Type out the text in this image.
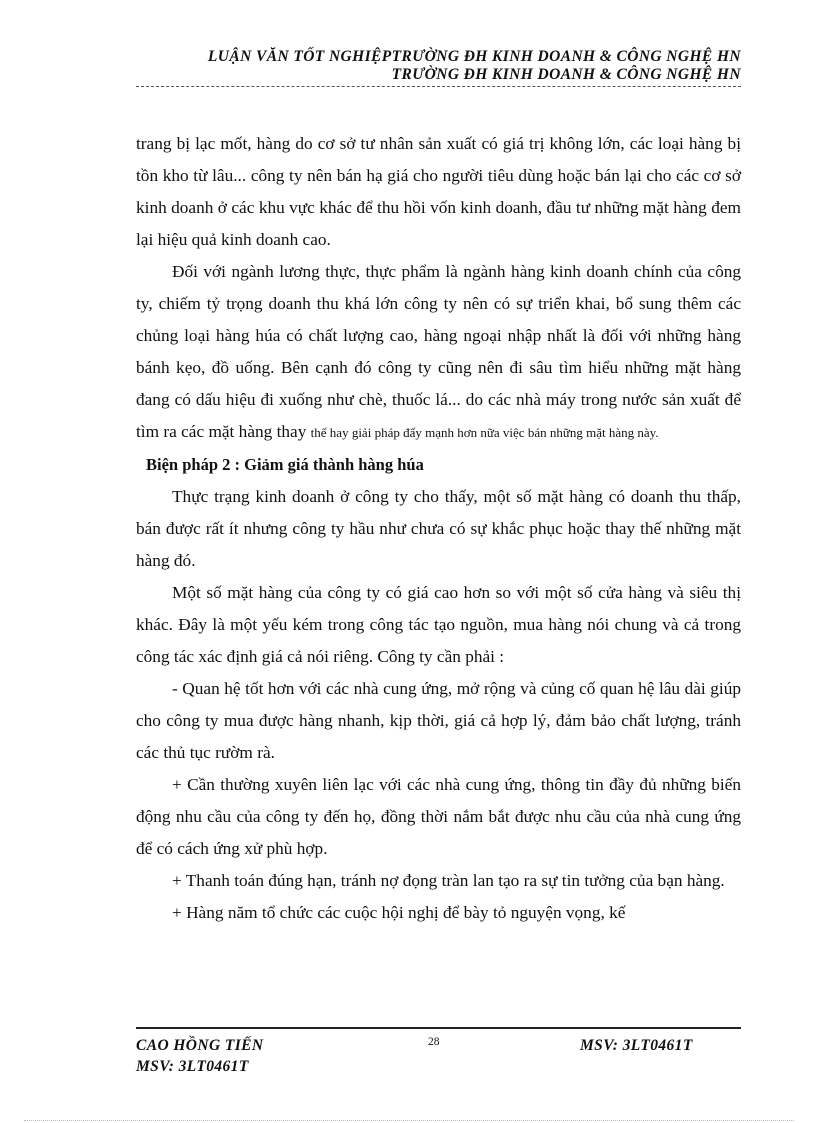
LUẬN VĂN TỐT NGHIỆPTRƯỜNG ĐH KINH DOANH & CÔNG NGHỆ HN
TRƯỜNG ĐH KINH DOANH & CÔNG NGHỆ HN

trang bị lạc mốt, hàng do cơ sở tư nhân sản xuất có giá trị không lớn, các loại hàng bị tồn kho từ lâu... công ty nên bán hạ giá cho người tiêu dùng hoặc bán lại cho các cơ sở kinh doanh ở các khu vực khác để thu hồi vốn kinh doanh, đầu tư những mặt hàng đem lại hiệu quả kinh doanh cao.

Đối với ngành lương thực, thực phẩm là ngành hàng kinh doanh chính của công ty, chiếm tỷ trọng doanh thu khá lớn công ty nên có sự triển khai, bổ sung thêm các chủng loại hàng húa có chất lượng cao, hàng ngoại nhập nhất là đối với những hàng bánh kẹo, đồ uống. Bên cạnh đó công ty cũng nên đi sâu tìm hiểu những mặt hàng đang có dấu hiệu đi xuống như chè, thuốc lá... do các nhà máy trong nước sản xuất để tìm ra các mặt hàng thay thế hay giải pháp đẩy mạnh hơn nữa việc bán những mặt hàng này.

Biện pháp 2 : Giảm giá thành hàng húa

Thực trạng kinh doanh ở công ty cho thấy, một số mặt hàng có doanh thu thấp, bán được rất ít nhưng công ty hầu như chưa có sự khắc phục hoặc thay thế những mặt hàng đó.

Một số mặt hàng của công ty có giá cao hơn so với một số cửa hàng và siêu thị khác. Đây là một yếu kém trong công tác tạo nguồn, mua hàng nói chung và cả trong công tác xác định giá cả nói riêng. Công ty cần phải :

- Quan hệ tốt hơn với các nhà cung ứng, mở rộng và củng cố quan hệ lâu dài giúp cho công ty mua được hàng nhanh, kịp thời, giá cả hợp lý, đảm bảo chất lượng, tránh các thủ tục rườm rà.

+ Cần thường xuyên liên lạc với các nhà cung ứng, thông tin đầy đủ những biến động nhu cầu của công ty đến họ, đồng thời nắm bắt được nhu cầu của nhà cung ứng để có cách ứng xử phù hợp.

+ Thanh toán đúng hạn, tránh nợ đọng tràn lan tạo ra sự tin tưởng của bạn hàng.

+ Hàng năm tổ chức các cuộc hội nghị để bày tỏ nguyện vọng, kế

CAO HỒNG TIẾN	28	MSV: 3LT0461T
MSV: 3LT0461T
